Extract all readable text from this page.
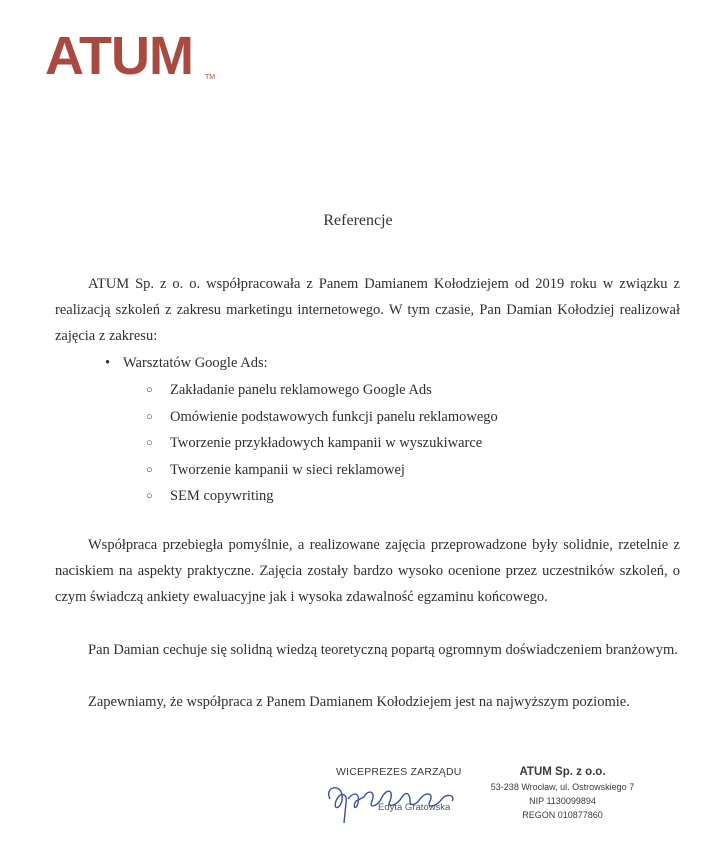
ATUM TM
Referencje

ATUM Sp. z o. o. współpracowała z Panem Damianem Kołodziejem od 2019 roku w związku z realizacją szkoleń z zakresu marketingu internetowego. W tym czasie, Pan Damian Kołodziej realizował zajęcia z zakresu:

• Warsztatów Google Ads:
○ Zakładanie panelu reklamowego Google Ads
○ Omówienie podstawowych funkcji panelu reklamowego
○ Tworzenie przykładowych kampanii w wyszukiwarce
○ Tworzenie kampanii w sieci reklamowej
○ SEM copywriting

Współpraca przebiegła pomyślnie, a realizowane zajęcia przeprowadzone były solidnie, rzetelnie z naciskiem na aspekty praktyczne. Zajęcia zostały bardzo wysoko ocenione przez uczestników szkoleń, o czym świadczą ankiety ewaluacyjne jak i wysoka zdawalność egzaminu końcowego.

Pan Damian cechuje się solidną wiedzą teoretyczną popartą ogromnym doświadczeniem branżowym.

Zapewniamy, że współpraca z Panem Damianem Kołodziejem jest na najwyższym poziomie.

WICEPREZES ZARZĄDU
Edyta Gratowska
ATUM Sp. z o.o.
53-238 Wrocław, ul. Ostrowskiego 7
NIP 1130099894
REGON 010877860
